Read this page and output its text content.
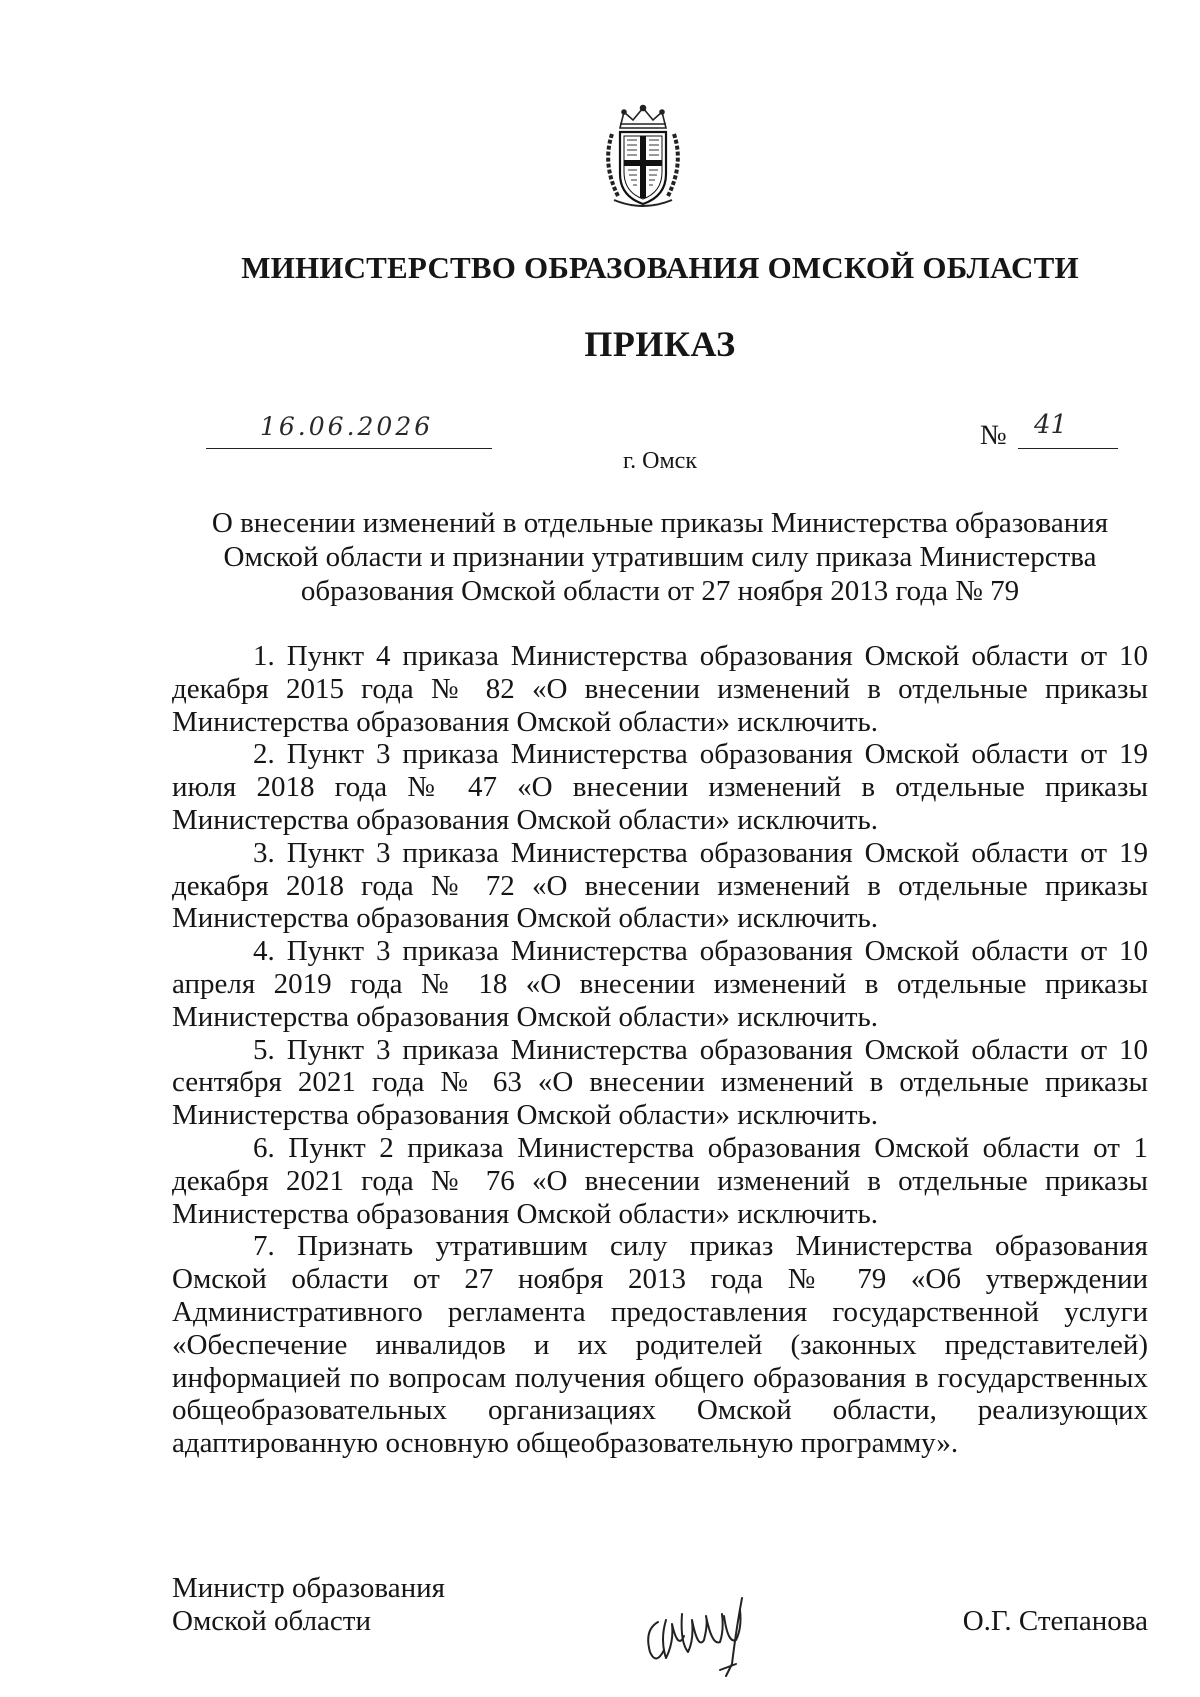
МИНИСТЕРСТВО ОБРАЗОВАНИЯ ОМСКОЙ ОБЛАСТИ
ПРИКАЗ
16.06.2026	№ 41
г. Омск
О внесении изменений в отдельные приказы Министерства образования Омской области и признании утратившим силу приказа Министерства образования Омской области от 27 ноября 2013 года № 79

1. Пункт 4 приказа Министерства образования Омской области от 10 декабря 2015 года № 82 «О внесении изменений в отдельные приказы Министерства образования Омской области» исключить.

2. Пункт 3 приказа Министерства образования Омской области от 19 июля 2018 года № 47 «О внесении изменений в отдельные приказы Министерства образования Омской области» исключить.

3. Пункт 3 приказа Министерства образования Омской области от 19 декабря 2018 года № 72 «О внесении изменений в отдельные приказы Министерства образования Омской области» исключить.

4. Пункт 3 приказа Министерства образования Омской области от 10 апреля 2019 года № 18 «О внесении изменений в отдельные приказы Министерства образования Омской области» исключить.

5. Пункт 3 приказа Министерства образования Омской области от 10 сентября 2021 года № 63 «О внесении изменений в отдельные приказы Министерства образования Омской области» исключить.

6. Пункт 2 приказа Министерства образования Омской области от 1 декабря 2021 года № 76 «О внесении изменений в отдельные приказы Министерства образования Омской области» исключить.

7. Признать утратившим силу приказ Министерства образования Омской области от 27 ноября 2013 года № 79 «Об утверждении Административного регламента предоставления государственной услуги «Обеспечение инвалидов и их родителей (законных представителей) информацией по вопросам получения общего образования в государственных общеобразовательных организациях Омской области, реализующих адаптированную основную общеобразовательную программу».

Министр образования
Омской области	О.Г. Степанова
